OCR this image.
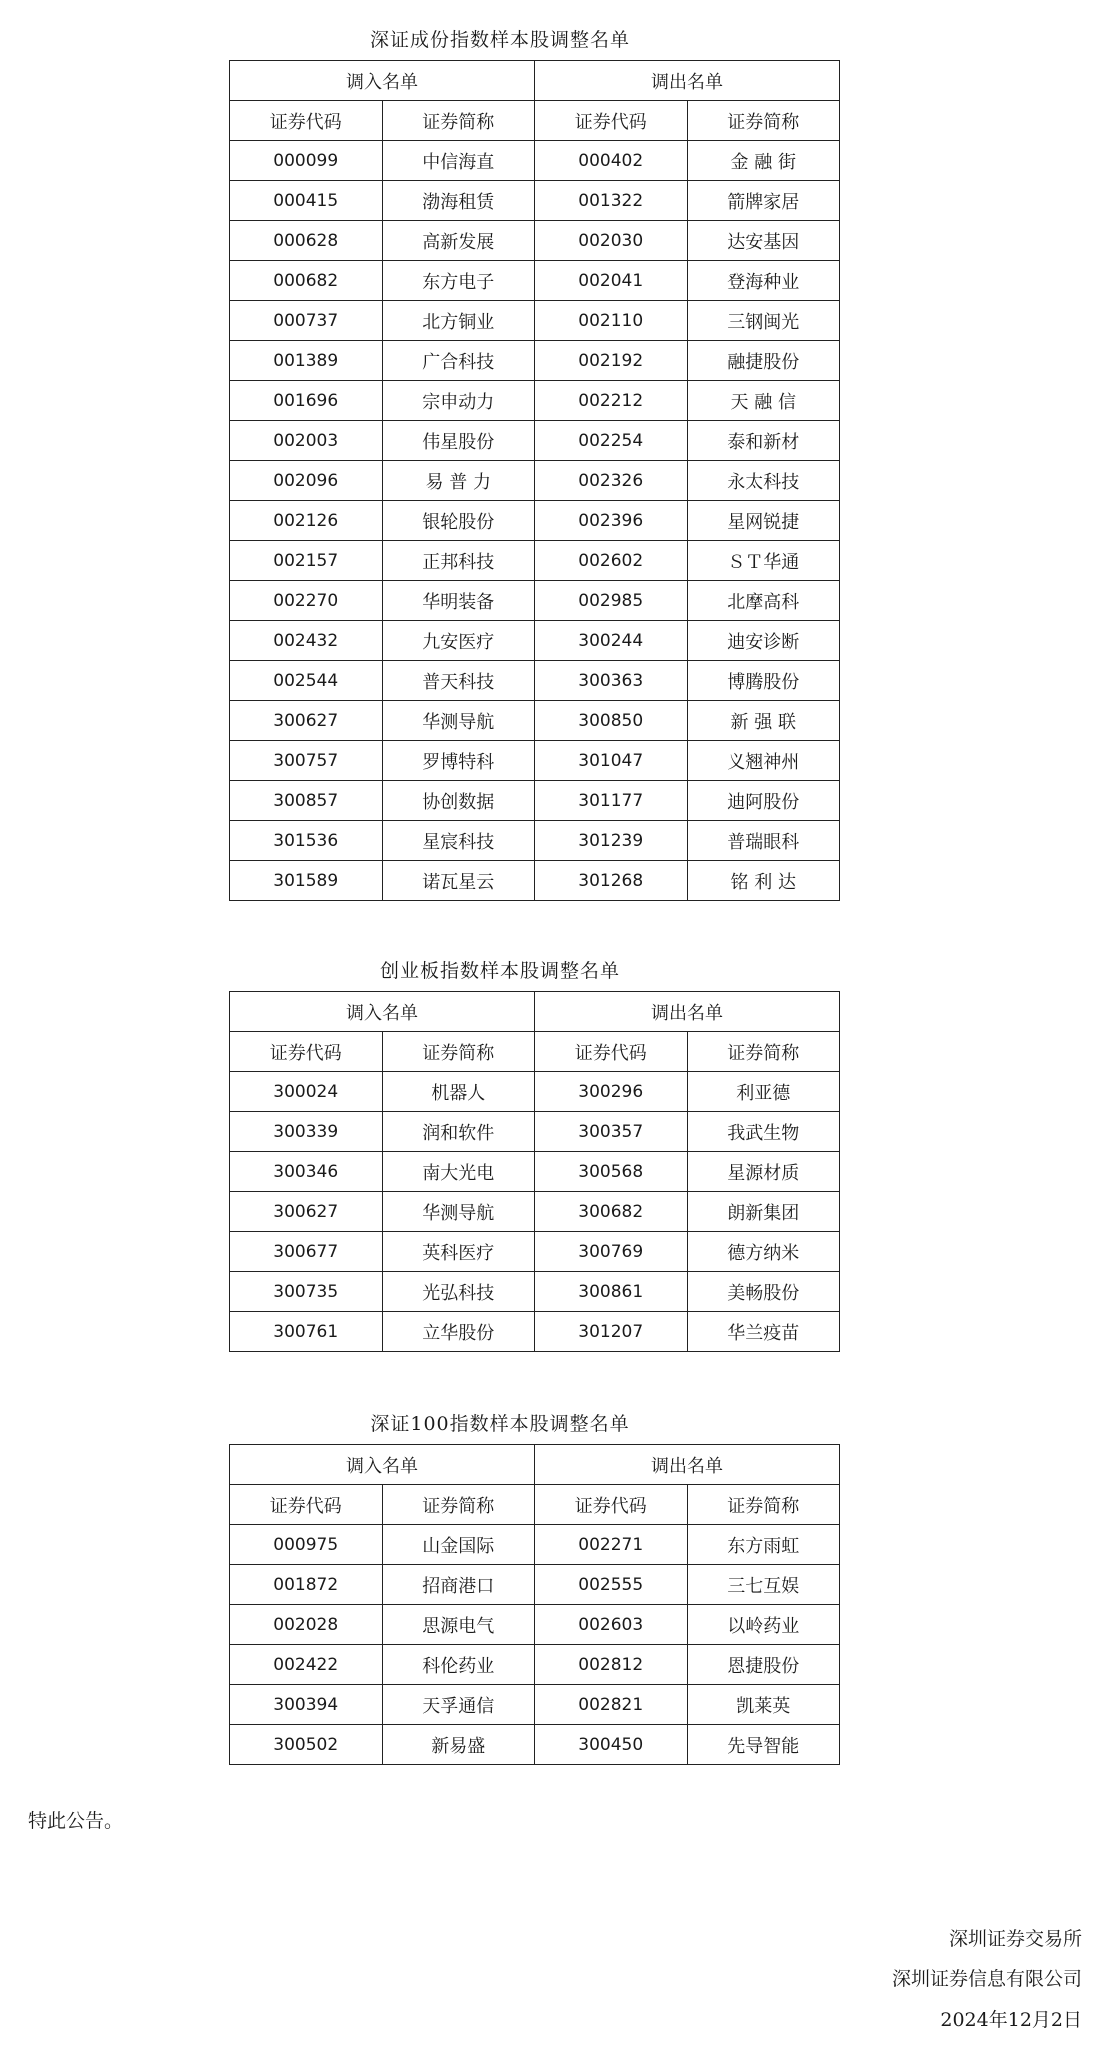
深证成份指数样本股调整名单
调入名单		调出名单	
证券代码	证券简称	证券代码	证券简称
000099	中信海直	000402	金 融 街
000415	渤海租赁	001322	箭牌家居
000628	高新发展	002030	达安基因
000682	东方电子	002041	登海种业
000737	北方铜业	002110	三钢闽光
001389	广合科技	002192	融捷股份
001696	宗申动力	002212	天 融 信
002003	伟星股份	002254	泰和新材
002096	易 普 力	002326	永太科技
002126	银轮股份	002396	星网锐捷
002157	正邦科技	002602	ＳＴ华通
002270	华明装备	002985	北摩高科
002432	九安医疗	300244	迪安诊断
002544	普天科技	300363	博腾股份
300627	华测导航	300850	新 强 联
300757	罗博特科	301047	义翘神州
300857	协创数据	301177	迪阿股份
301536	星宸科技	301239	普瑞眼科
301589	诺瓦星云	301268	铭 利 达
创业板指数样本股调整名单
调入名单		调出名单	
证券代码	证券简称	证券代码	证券简称
300024	机器人	300296	利亚德
300339	润和软件	300357	我武生物
300346	南大光电	300568	星源材质
300627	华测导航	300682	朗新集团
300677	英科医疗	300769	德方纳米
300735	光弘科技	300861	美畅股份
300761	立华股份	301207	华兰疫苗
深证100指数样本股调整名单
调入名单		调出名单	
证券代码	证券简称	证券代码	证券简称
000975	山金国际	002271	东方雨虹
001872	招商港口	002555	三七互娱
002028	思源电气	002603	以岭药业
002422	科伦药业	002812	恩捷股份
300394	天孚通信	002821	凯莱英
300502	新易盛	300450	先导智能
特此公告。
深圳证券交易所
深圳证券信息有限公司
2024年12月2日
